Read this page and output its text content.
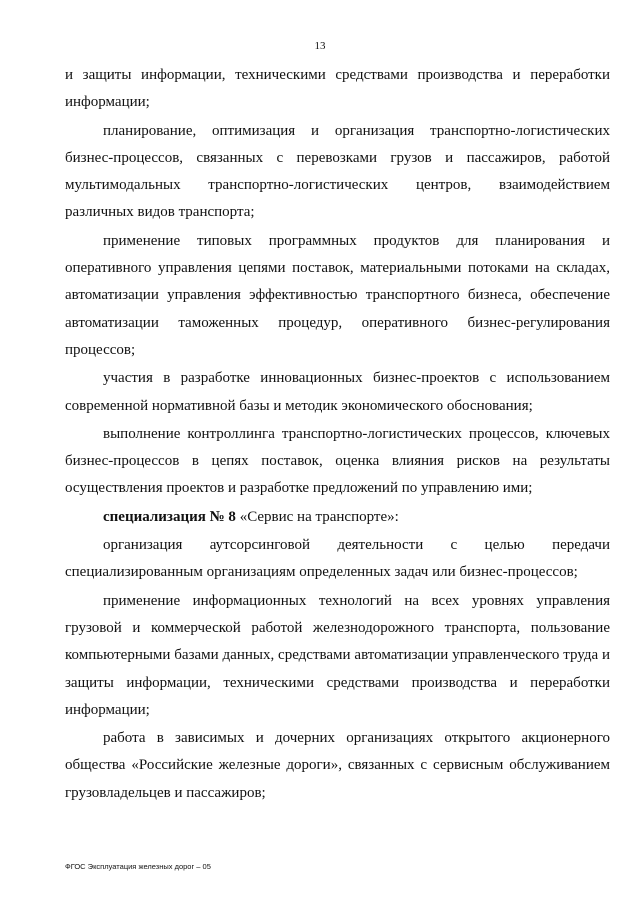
13

и защиты информации, техническими средствами производства и переработки информации;

планирование, оптимизация и организация транспортно-логистических бизнес-процессов, связанных с перевозками грузов и пассажиров, работой мультимодальных транспортно-логистических центров, взаимодействием различных видов транспорта;

применение типовых программных продуктов для планирования и оперативного управления цепями поставок, материальными потоками на складах, автоматизации управления эффективностью транспортного бизнеса, обеспечение автоматизации таможенных процедур, оперативного бизнес-регулирования процессов;

участия в разработке инновационных бизнес-проектов с использованием современной нормативной базы и методик экономического обоснования;

выполнение контроллинга транспортно-логистических процессов, ключевых бизнес-процессов в цепях поставок, оценка влияния рисков на результаты осуществления проектов и разработке предложений по управлению ими;

специализация № 8 «Сервис на транспорте»:

организация аутсорсинговой деятельности с целью передачи специализированным организациям определенных задач или бизнес-процессов;

применение информационных технологий на всех уровнях управления грузовой и коммерческой работой железнодорожного транспорта, пользование компьютерными базами данных, средствами автоматизации управленческого труда и защиты информации, техническими средствами производства и переработки информации;

работа в зависимых и дочерних организациях открытого акционерного общества «Российские железные дороги», связанных с сервисным обслуживанием грузовладельцев и пассажиров;

ФГОС Эксплуатация железных дорог – 05
